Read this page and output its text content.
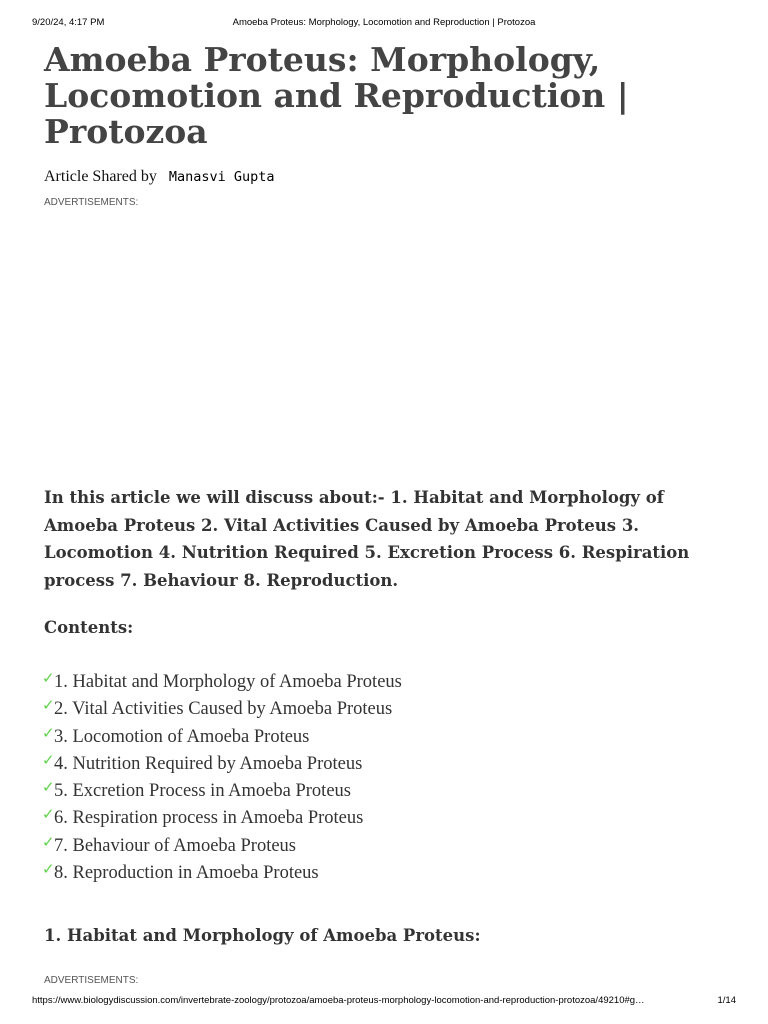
9/20/24, 4:17 PM	Amoeba Proteus: Morphology, Locomotion and Reproduction | Protozoa
Amoeba Proteus: Morphology, Locomotion and Reproduction | Protozoa
Article Shared by Manasvi Gupta
ADVERTISEMENTS:

In this article we will discuss about:- 1. Habitat and Morphology of Amoeba Proteus 2. Vital Activities Caused by Amoeba Proteus 3. Locomotion 4. Nutrition Required 5. Excretion Process 6. Respiration process 7. Behaviour 8. Reproduction.

Contents:
✓1. Habitat and Morphology of Amoeba Proteus
✓2. Vital Activities Caused by Amoeba Proteus
✓3. Locomotion of Amoeba Proteus
✓4. Nutrition Required by Amoeba Proteus
✓5. Excretion Process in Amoeba Proteus
✓6. Respiration process in Amoeba Proteus
✓7. Behaviour of Amoeba Proteus
✓8. Reproduction in Amoeba Proteus
1. Habitat and Morphology of Amoeba Proteus:
ADVERTISEMENTS:
https://www.biologydiscussion.com/invertebrate-zoology/protozoa/amoeba-proteus-morphology-locomotion-and-reproduction-protozoa/49210#g…	1/14
